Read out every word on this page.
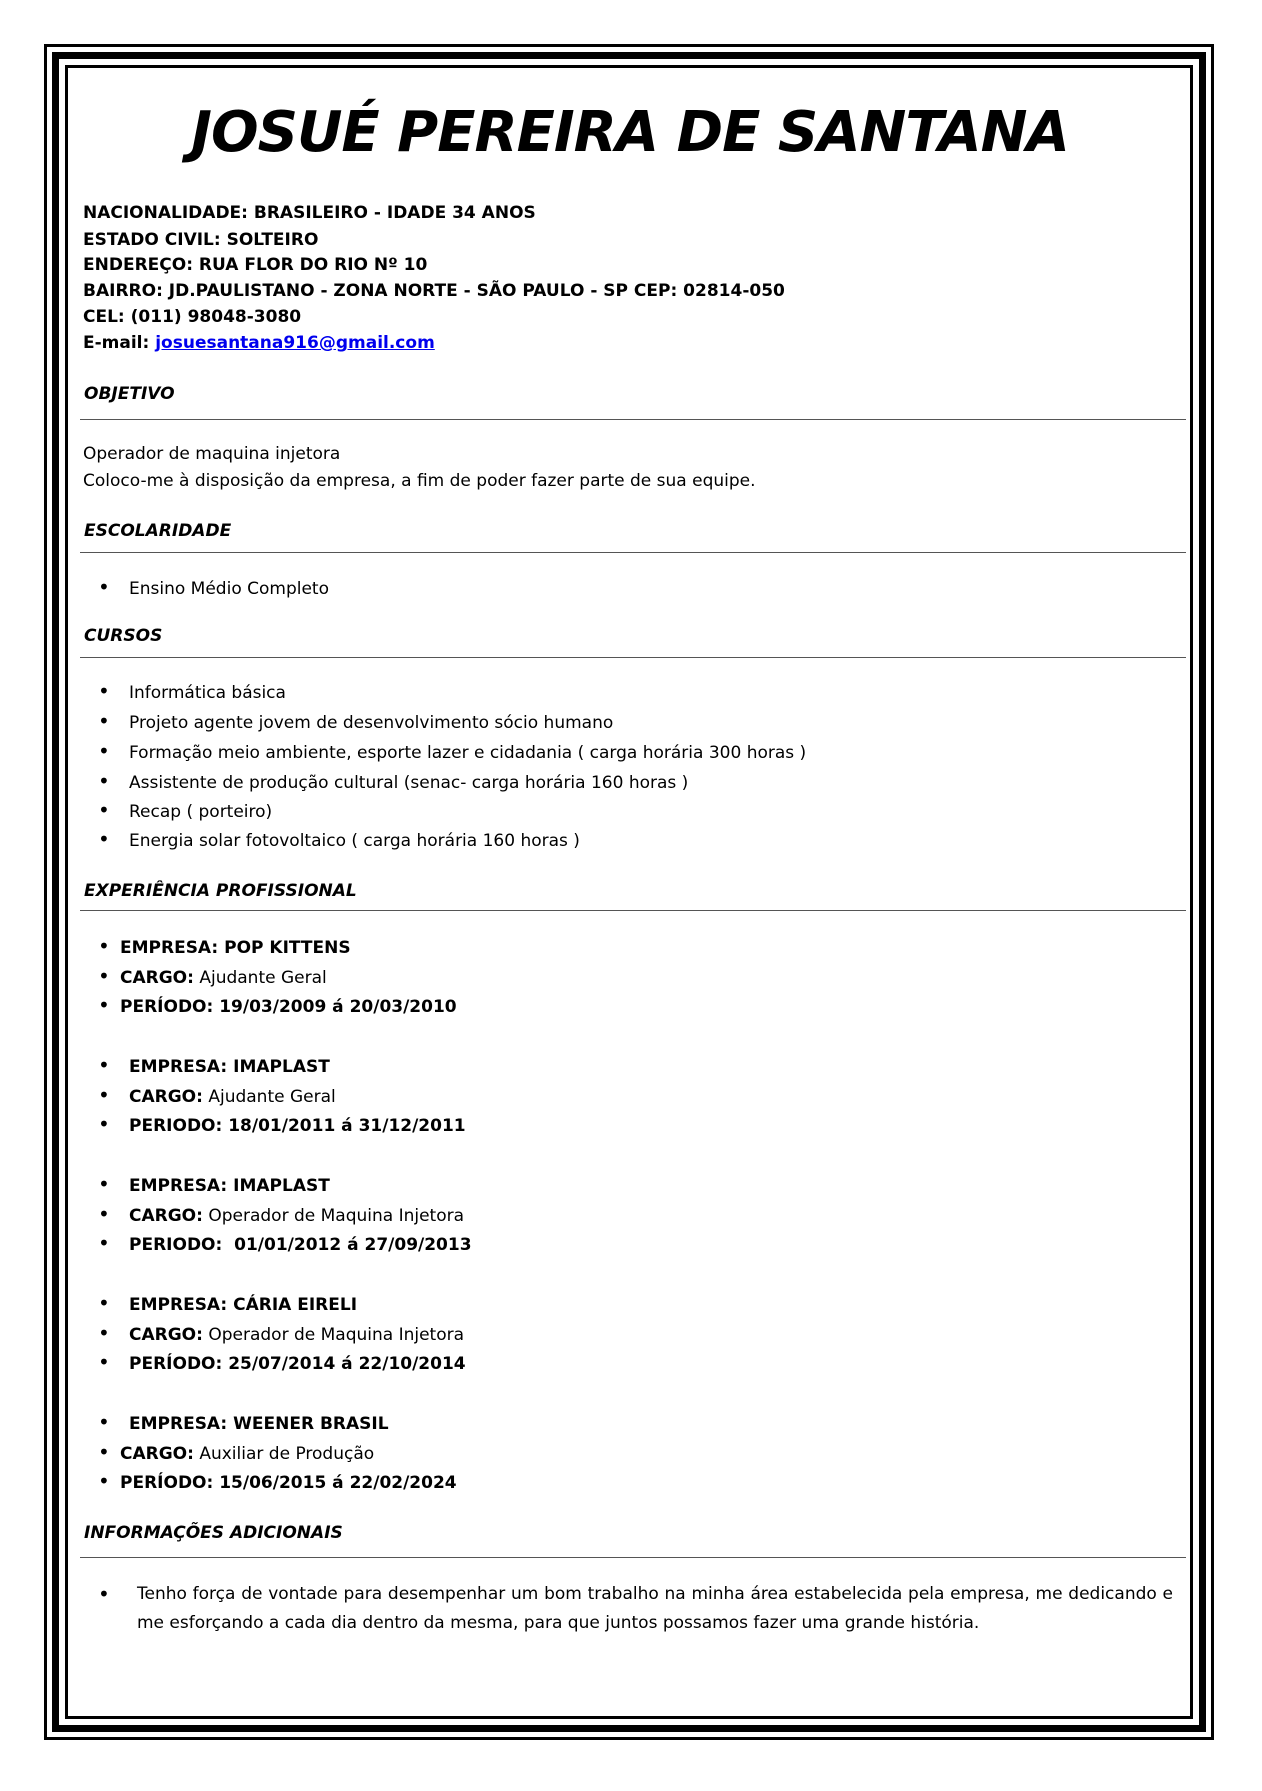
JOSUÉ PEREIRA DE SANTANA
NACIONALIDADE: BRASILEIRO - IDADE 34 ANOS
ESTADO CIVIL: SOLTEIRO
ENDEREÇO: RUA FLOR DO RIO Nº 10
BAIRRO: JD.PAULISTANO - ZONA NORTE - SÃO PAULO - SP CEP: 02814-050
CEL: (011) 98048-3080
E-mail: josuesantana916@gmail.com
OBJETIVO
Operador de maquina injetora
Coloco-me à disposição da empresa, a fim de poder fazer parte de sua equipe.
ESCOLARIDADE
• Ensino Médio Completo
CURSOS
• Informática básica
• Projeto agente jovem de desenvolvimento sócio humano
• Formação meio ambiente, esporte lazer e cidadania ( carga horária 300 horas )
• Assistente de produção cultural (senac- carga horária 160 horas )
• Recap ( porteiro)
• Energia solar fotovoltaico ( carga horária 160 horas )
EXPERIÊNCIA PROFISSIONAL
• EMPRESA: POP KITTENS
• CARGO: Ajudante Geral
• PERÍODO: 19/03/2009 á 20/03/2010
• EMPRESA: IMAPLAST
• CARGO: Ajudante Geral
• PERIODO: 18/01/2011 á 31/12/2011
• EMPRESA: IMAPLAST
• CARGO: Operador de Maquina Injetora
• PERIODO:  01/01/2012 á 27/09/2013
• EMPRESA: CÁRIA EIRELI
• CARGO: Operador de Maquina Injetora
• PERÍODO: 25/07/2014 á 22/10/2014
• EMPRESA: WEENER BRASIL
• CARGO: Auxiliar de Produção
• PERÍODO: 15/06/2015 á 22/02/2024
INFORMAÇÕES ADICIONAIS
•	Tenho força de vontade para desempenhar um bom trabalho na minha área estabelecida pela empresa, me dedicando e me esforçando a cada dia dentro da mesma, para que juntos possamos fazer uma grande história.
